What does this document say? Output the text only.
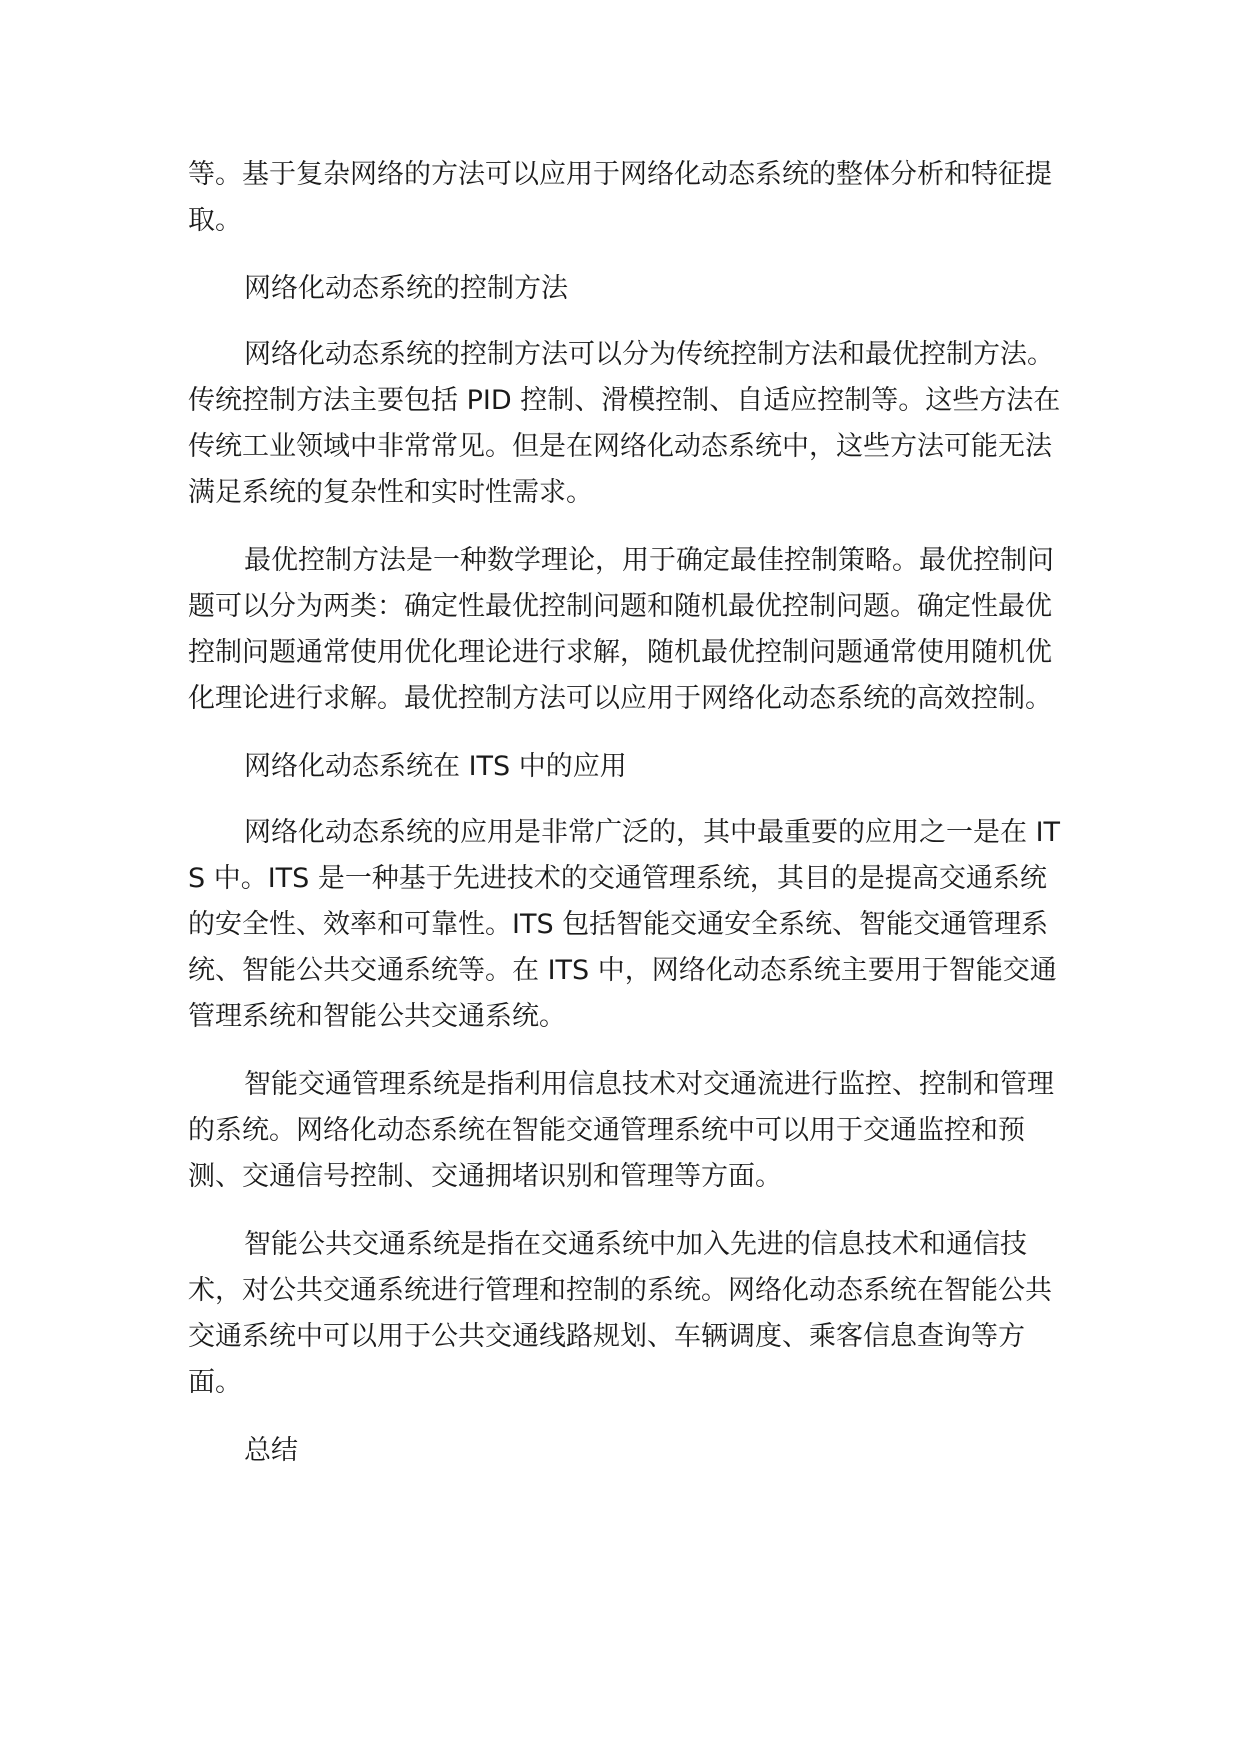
等。基于复杂网络的方法可以应用于网络化动态系统的整体分析和特征提取。

网络化动态系统的控制方法

网络化动态系统的控制方法可以分为传统控制方法和最优控制方法。传统控制方法主要包括 PID 控制、滑模控制、自适应控制等。这些方法在传统工业领域中非常常见。但是在网络化动态系统中，这些方法可能无法满足系统的复杂性和实时性需求。

最优控制方法是一种数学理论，用于确定最佳控制策略。最优控制问题可以分为两类：确定性最优控制问题和随机最优控制问题。确定性最优控制问题通常使用优化理论进行求解，随机最优控制问题通常使用随机优化理论进行求解。最优控制方法可以应用于网络化动态系统的高效控制。

网络化动态系统在 ITS 中的应用

网络化动态系统的应用是非常广泛的，其中最重要的应用之一是在 ITS 中。ITS 是一种基于先进技术的交通管理系统，其目的是提高交通系统的安全性、效率和可靠性。ITS 包括智能交通安全系统、智能交通管理系统、智能公共交通系统等。在 ITS 中，网络化动态系统主要用于智能交通管理系统和智能公共交通系统。

智能交通管理系统是指利用信息技术对交通流进行监控、控制和管理的系统。网络化动态系统在智能交通管理系统中可以用于交通监控和预测、交通信号控制、交通拥堵识别和管理等方面。

智能公共交通系统是指在交通系统中加入先进的信息技术和通信技术，对公共交通系统进行管理和控制的系统。网络化动态系统在智能公共交通系统中可以用于公共交通线路规划、车辆调度、乘客信息查询等方面。

总结
